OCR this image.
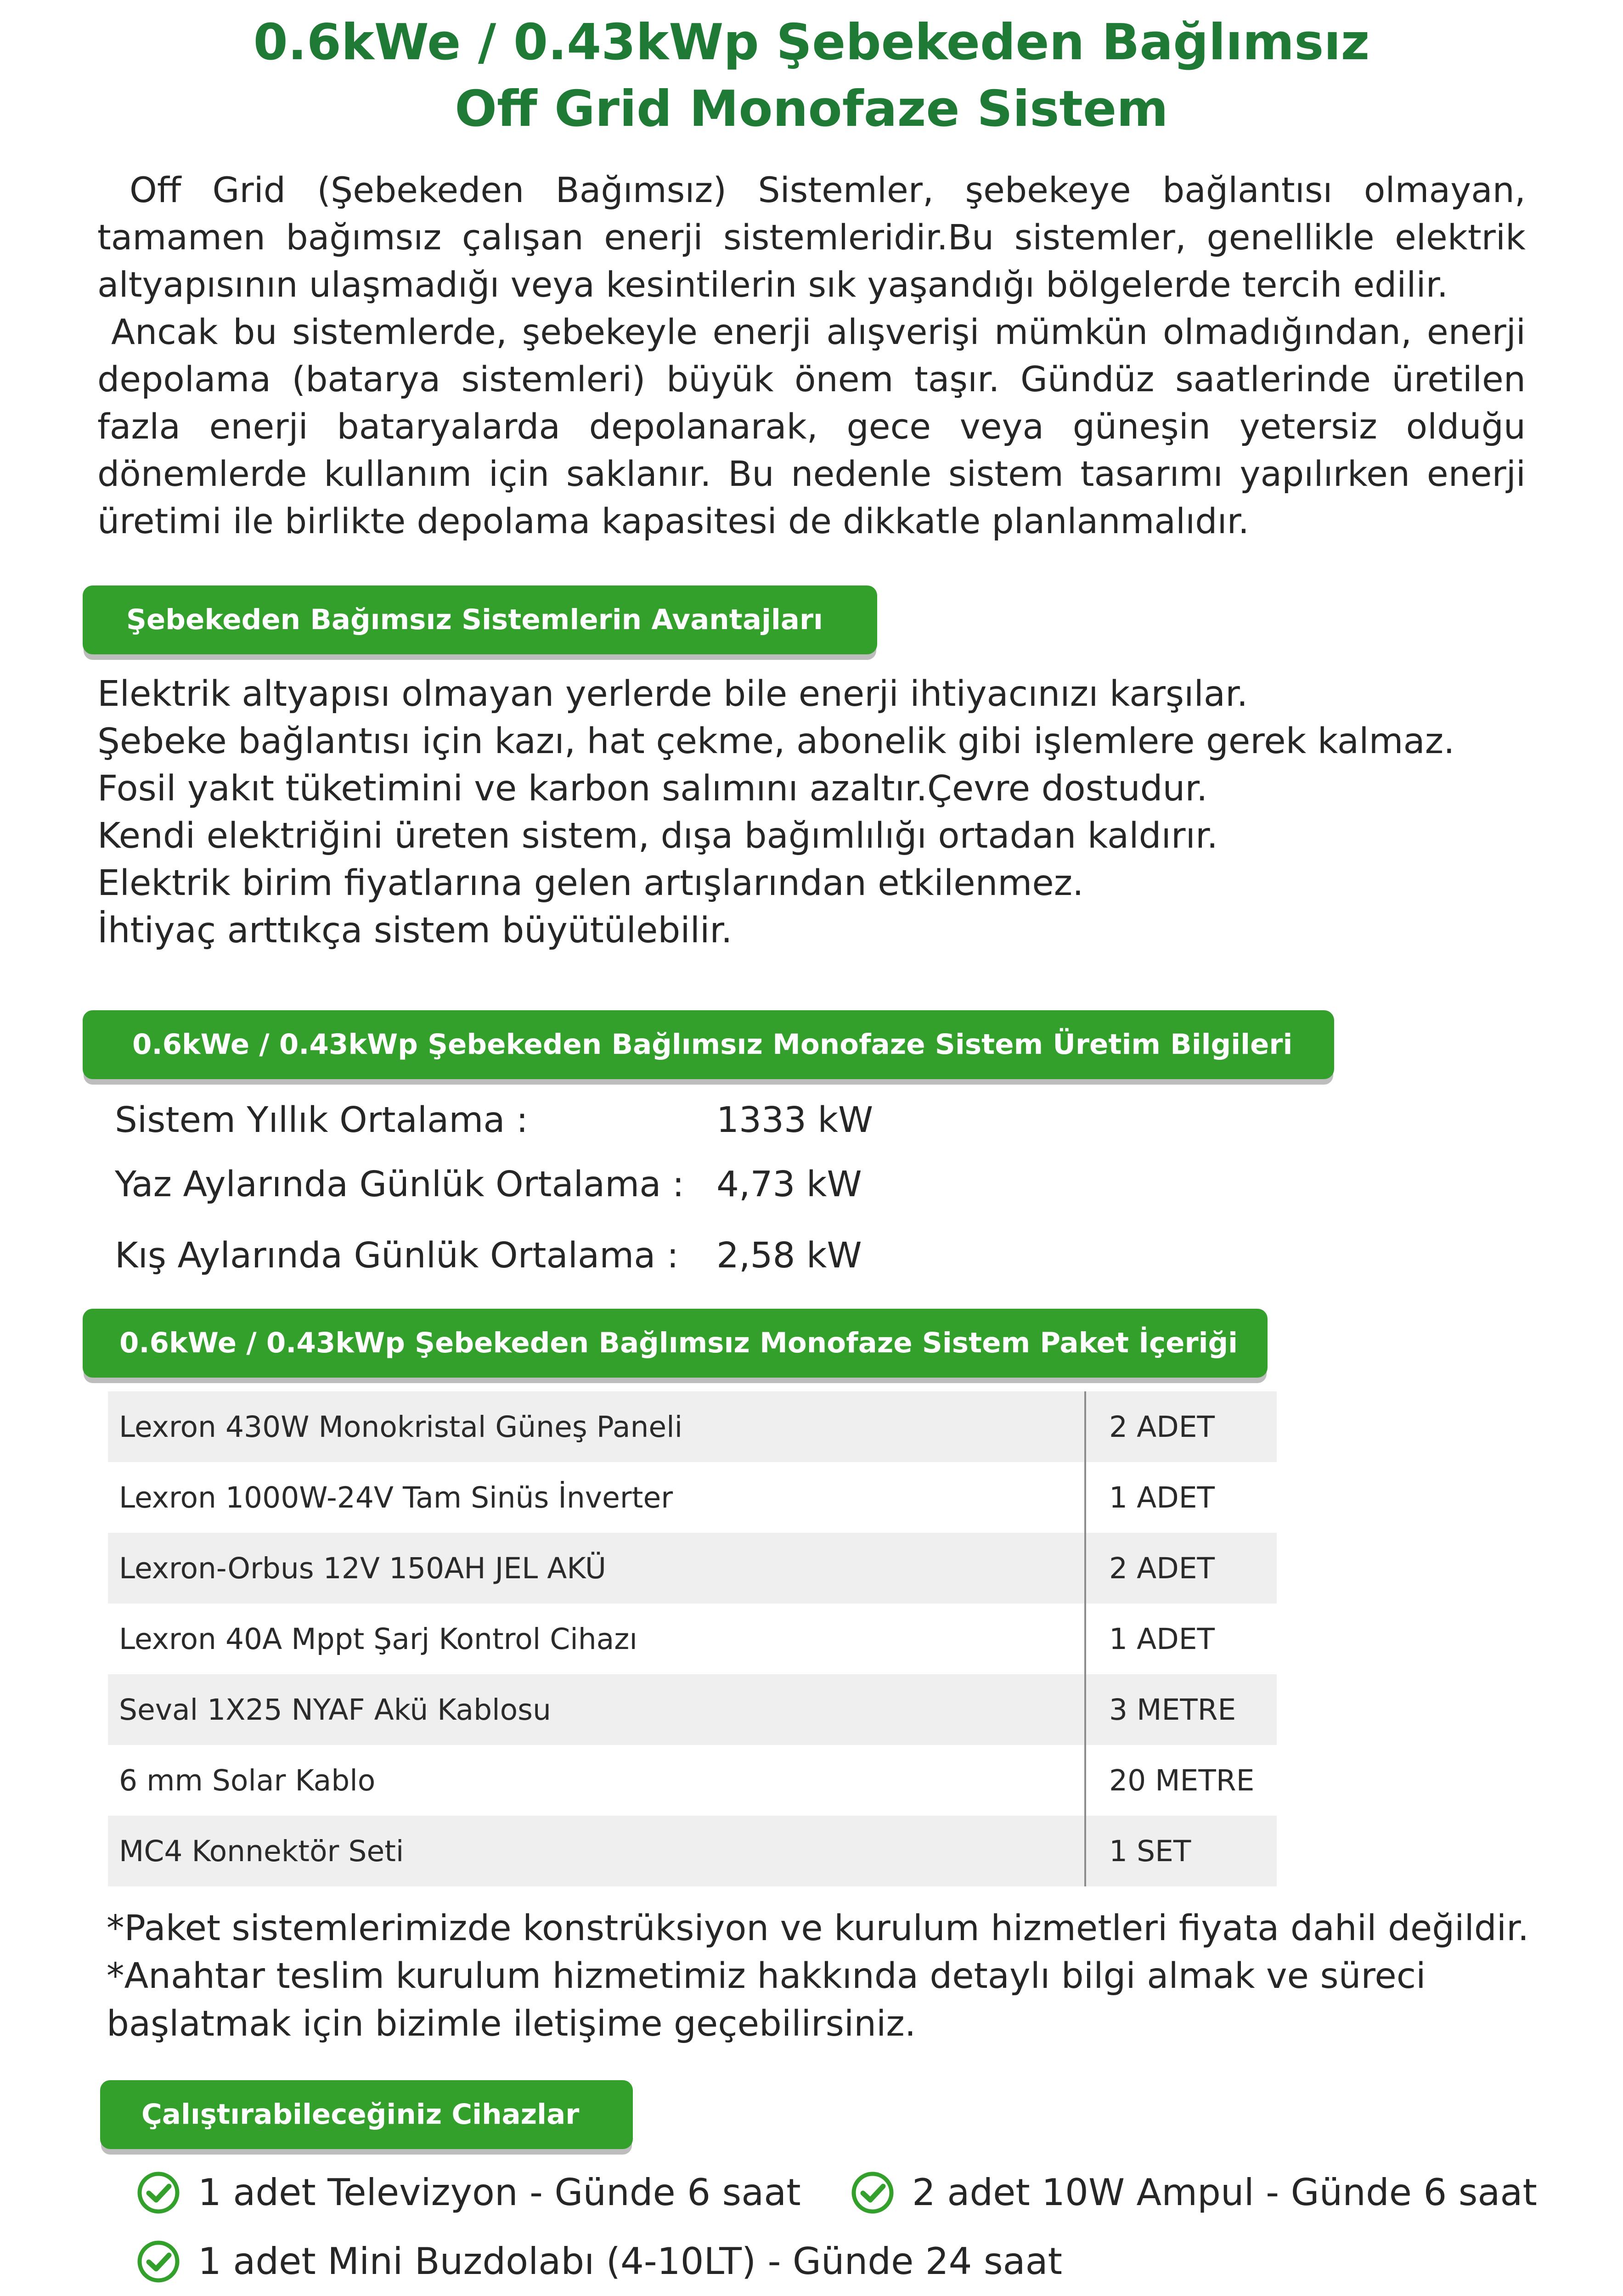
0.6kWe / 0.43kWp Şebekeden Bağlımsız
Off Grid Monofaze Sistem

Off Grid (Şebekeden Bağımsız) Sistemler, şebekeye bağlantısı olmayan, tamamen bağımsız çalışan enerji sistemleridir.Bu sistemler, genellikle elektrik altyapısının ulaşmadığı veya kesintilerin sık yaşandığı bölgelerde tercih edilir.

Ancak bu sistemlerde, şebekeyle enerji alışverişi mümkün olmadığından, enerji depolama (batarya sistemleri) büyük önem taşır. Gündüz saatlerinde üretilen fazla enerji bataryalarda depolanarak, gece veya güneşin yetersiz olduğu dönemlerde kullanım için saklanır. Bu nedenle sistem tasarımı yapılırken enerji üretimi ile birlikte depolama kapasitesi de dikkatle planlanmalıdır.

Şebekeden Bağımsız Sistemlerin Avantajları
Elektrik altyapısı olmayan yerlerde bile enerji ihtiyacınızı karşılar.
Şebeke bağlantısı için kazı, hat çekme, abonelik gibi işlemlere gerek kalmaz.
Fosil yakıt tüketimini ve karbon salımını azaltır.Çevre dostudur.
Kendi elektriğini üreten sistem, dışa bağımlılığı ortadan kaldırır.
Elektrik birim fiyatlarına gelen artışlarından etkilenmez.
İhtiyaç arttıkça sistem büyütülebilir.
0.6kWe / 0.43kWp Şebekeden Bağlımsız Monofaze Sistem Üretim Bilgileri
Sistem Yıllık Ortalama :	1333 kW
Yaz Aylarında Günlük Ortalama : 4,73 kW
Kış Aylarında Günlük Ortalama : 2,58 kW
0.6kWe / 0.43kWp Şebekeden Bağlımsız Monofaze Sistem Paket İçeriği
Lexron 430W Monokristal Güneş Paneli	2 ADET
Lexron 1000W-24V Tam Sinüs İnverter	1 ADET
Lexron-Orbus 12V 150AH JEL AKÜ	2 ADET
Lexron 40A Mppt Şarj Kontrol Cihazı	1 ADET
Seval 1X25 NYAF Akü Kablosu	3 METRE
6 mm Solar Kablo	20 METRE
MC4 Konnektör Seti	1 SET

*Paket sistemlerimizde konstrüksiyon ve kurulum hizmetleri fiyata dahil değildir.

*Anahtar teslim kurulum hizmetimiz hakkında detaylı bilgi almak ve süreci başlatmak için bizimle iletişime geçebilirsiniz.

Çalıştırabileceğiniz Cihazlar
1 adet Televizyon - Günde 6 saat	2 adet 10W Ampul - Günde 6 saat
1 adet Mini Buzdolabı (4-10LT) - Günde 24 saat
